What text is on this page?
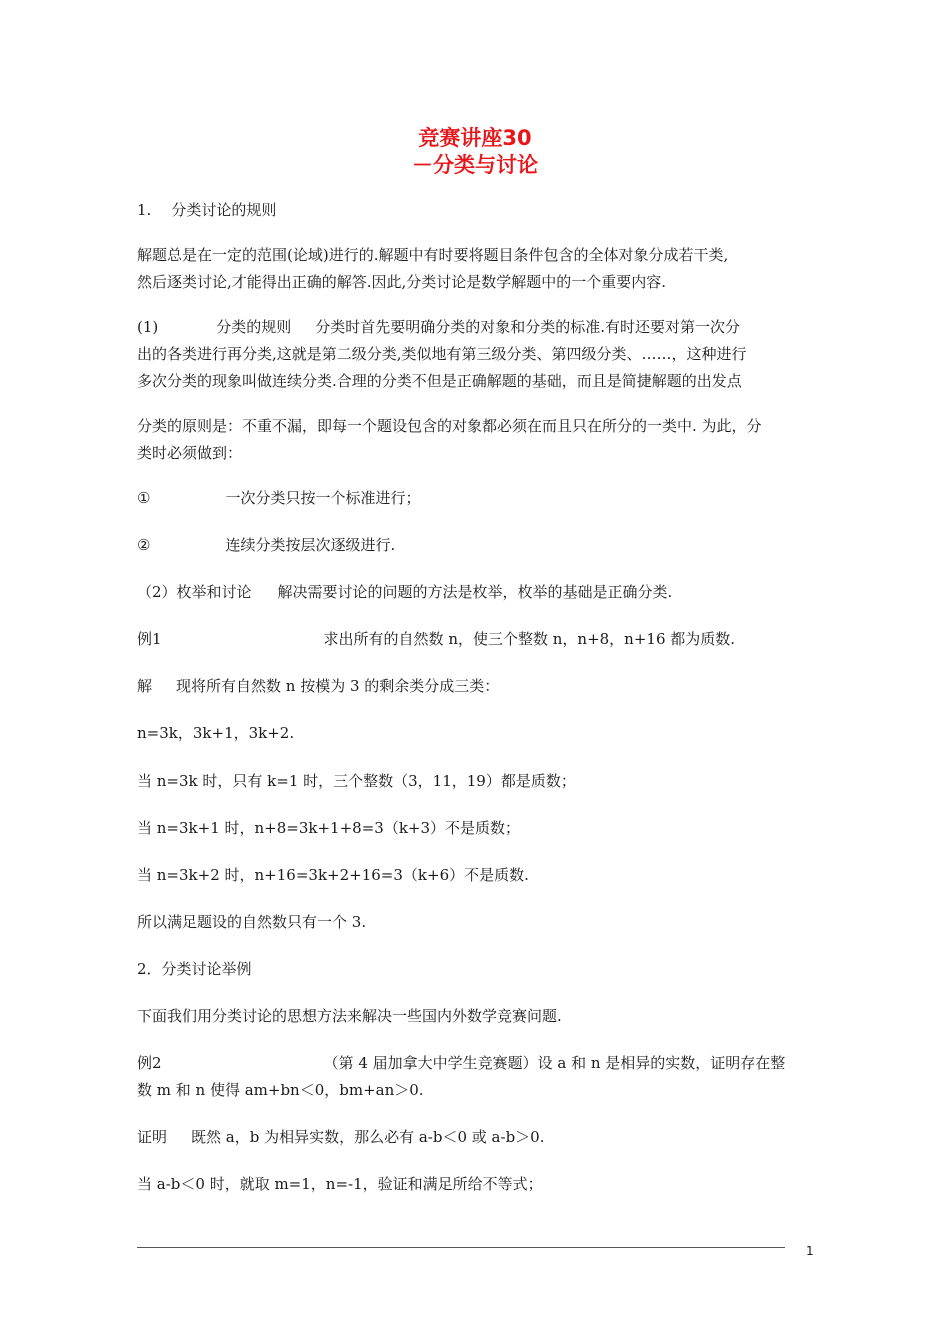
竞赛讲座30
－分类与讨论
1. 分类讨论的规则
解题总是在一定的范围(论域)进行的.解题中有时要将题目条件包含的全体对象分成若干类,
然后逐类讨论,才能得出正确的解答.因此,分类讨论是数学解题中的一个重要内容.
(1)	分类的规则 分类时首先要明确分类的对象和分类的标准.有时还要对第一次分
出的各类进行再分类,这就是第二级分类,类似地有第三级分类、第四级分类、……，这种进行
多次分类的现象叫做连续分类.合理的分类不但是正确解题的基础，而且是简捷解题的出发点
分类的原则是：不重不漏，即每一个题设包含的对象都必须在而且只在所分的一类中. 为此，分
类时必须做到：
①	一次分类只按一个标准进行；
②	连续分类按层次逐级进行.
（2）枚举和讨论 解决需要讨论的问题的方法是枚举，枚举的基础是正确分类.
例1	求出所有的自然数 n，使三个整数 n，n+8，n+16 都为质数.
解 现将所有自然数 n 按模为 3 的剩余类分成三类：
n=3k，3k+1，3k+2.
当 n=3k 时，只有 k=1 时，三个整数（3，11，19）都是质数；
当 n=3k+1 时，n+8=3k+1+8=3（k+3）不是质数；
当 n=3k+2 时，n+16=3k+2+16=3（k+6）不是质数.
所以满足题设的自然数只有一个 3.
2．分类讨论举例
下面我们用分类讨论的思想方法来解决一些国内外数学竞赛问题.
例2	（第 4 届加拿大中学生竞赛题）设 a 和 n 是相异的实数，证明存在整
数 m 和 n 使得 am+bn＜0，bm+an＞0.
证明 既然 a，b 为相异实数，那么必有 a-b＜0 或 a-b＞0.
当 a-b＜0 时，就取 m=1，n=-1，验证和满足所给不等式；
1
